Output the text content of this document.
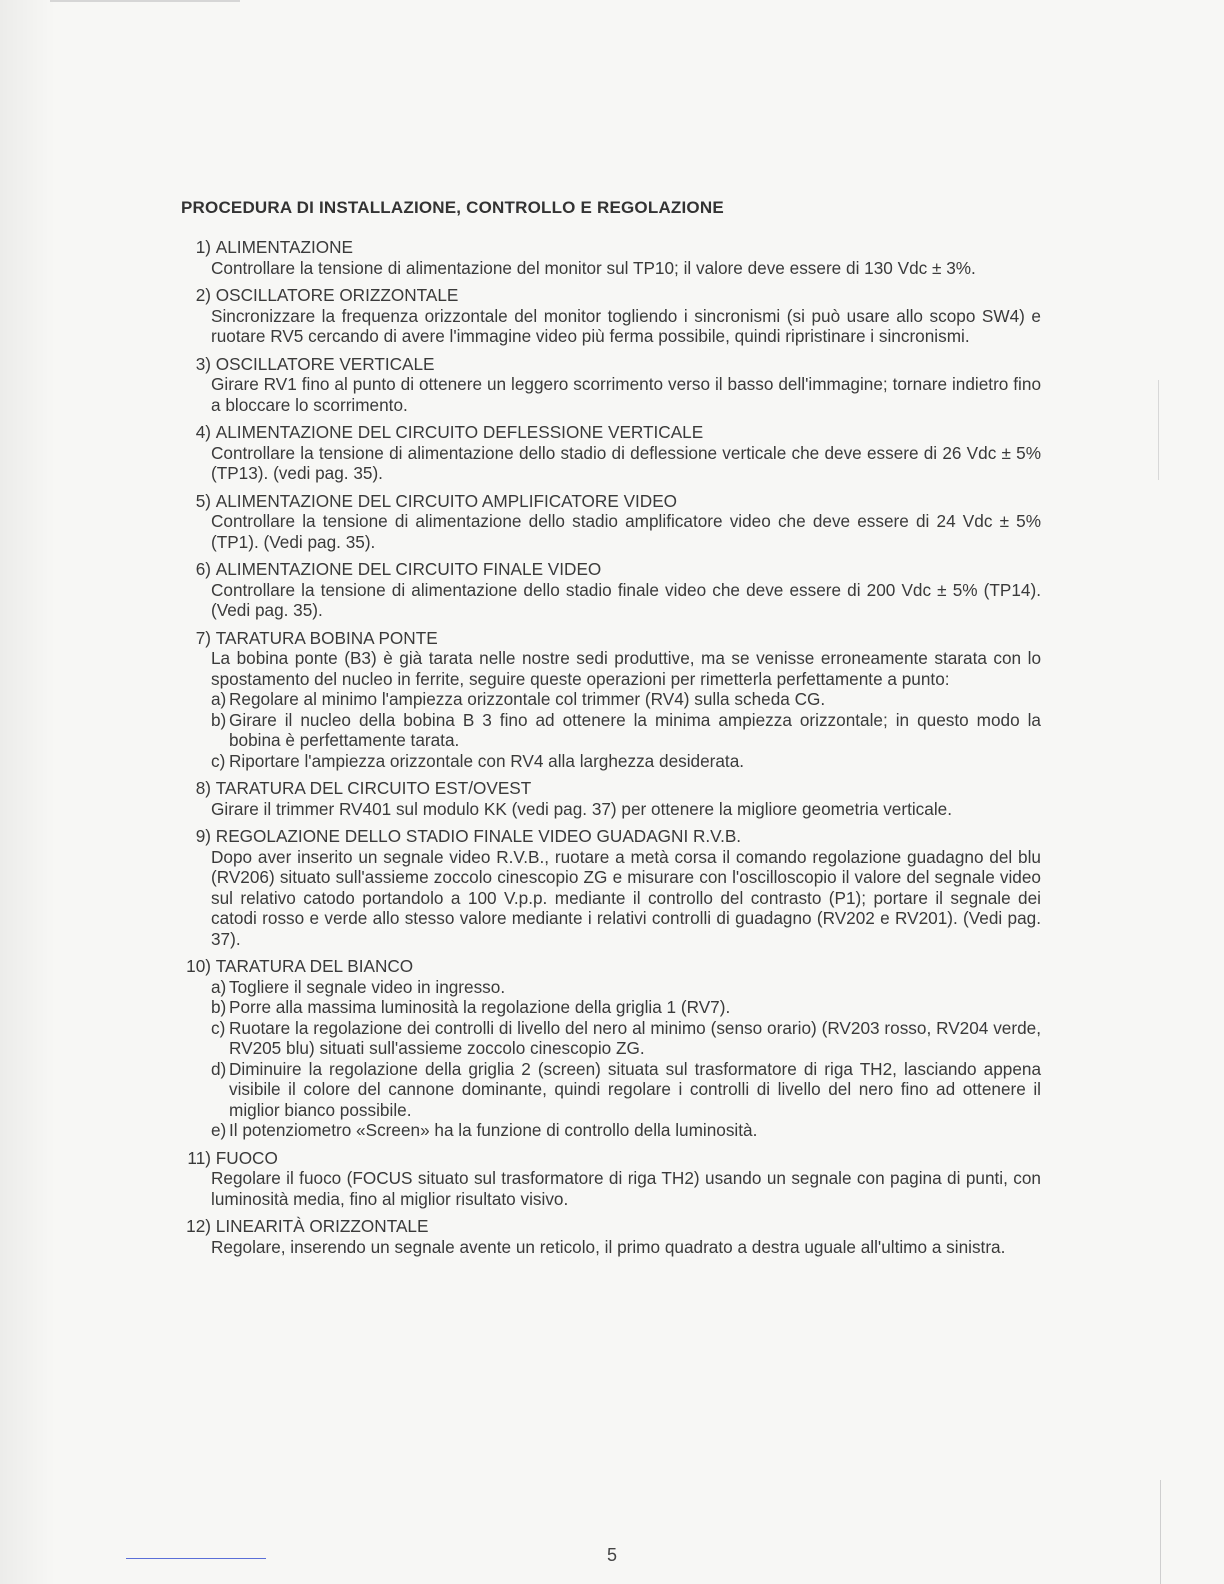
PROCEDURA DI INSTALLAZIONE, CONTROLLO E REGOLAZIONE
1)
ALIMENTAZIONE
Controllare la tensione di alimentazione del monitor sul TP10; il valore deve essere di 130 Vdc ± 3%.
2)
OSCILLATORE ORIZZONTALE
Sincronizzare la frequenza orizzontale del monitor togliendo i sincronismi (si può usare allo scopo SW4) e ruotare RV5 cercando di avere l'immagine video più ferma possibile, quindi ripristinare i sincronismi.
3)
OSCILLATORE VERTICALE
Girare RV1 fino al punto di ottenere un leggero scorrimento verso il basso dell'immagine; tornare indietro fino a bloccare lo scorrimento.
4)
ALIMENTAZIONE DEL CIRCUITO DEFLESSIONE VERTICALE
Controllare la tensione di alimentazione dello stadio di deflessione verticale che deve essere di 26 Vdc ± 5% (TP13). (vedi pag. 35).
5)
ALIMENTAZIONE DEL CIRCUITO AMPLIFICATORE VIDEO
Controllare la tensione di alimentazione dello stadio amplificatore video che deve essere di 24 Vdc ± 5% (TP1). (Vedi pag. 35).
6)
ALIMENTAZIONE DEL CIRCUITO FINALE VIDEO
Controllare la tensione di alimentazione dello stadio finale video che deve essere di 200 Vdc ± 5% (TP14). (Vedi pag. 35).
7)
TARATURA BOBINA PONTE
La bobina ponte (B3) è già tarata nelle nostre sedi produttive, ma se venisse erroneamente starata con lo spostamento del nucleo in ferrite, seguire queste operazioni per rimetterla perfettamente a punto:
a) Regolare al minimo l'ampiezza orizzontale col trimmer (RV4) sulla scheda CG.
b) Girare il nucleo della bobina B 3 fino ad ottenere la minima ampiezza orizzontale; in questo modo la bobina è perfettamente tarata.
c) Riportare l'ampiezza orizzontale con RV4 alla larghezza desiderata.
8)
TARATURA DEL CIRCUITO EST/OVEST
Girare il trimmer RV401 sul modulo KK (vedi pag. 37) per ottenere la migliore geometria verticale.
9)
REGOLAZIONE DELLO STADIO FINALE VIDEO GUADAGNI R.V.B.
Dopo aver inserito un segnale video R.V.B., ruotare a metà corsa il comando regolazione guadagno del blu (RV206) situato sull'assieme zoccolo cinescopio ZG e misurare con l'oscilloscopio il valore del segnale video sul relativo catodo portandolo a 100 V.p.p. mediante il controllo del contrasto (P1); portare il segnale dei catodi rosso e verde allo stesso valore mediante i relativi controlli di guadagno (RV202 e RV201). (Vedi pag. 37).
10)
TARATURA DEL BIANCO
a) Togliere il segnale video in ingresso.
b) Porre alla massima luminosità la regolazione della griglia 1 (RV7).
c) Ruotare la regolazione dei controlli di livello del nero al minimo (senso orario) (RV203 rosso, RV204 verde, RV205 blu) situati sull'assieme zoccolo cinescopio ZG.
d) Diminuire la regolazione della griglia 2 (screen) situata sul trasformatore di riga TH2, lasciando appena visibile il colore del cannone dominante, quindi regolare i controlli di livello del nero fino ad ottenere il miglior bianco possibile.
e) Il potenziometro «Screen» ha la funzione di controllo della luminosità.
11)
FUOCO
Regolare il fuoco (FOCUS situato sul trasformatore di riga TH2) usando un segnale con pagina di punti, con luminosità media, fino al miglior risultato visivo.
12)
LINEARITÀ ORIZZONTALE
Regolare, inserendo un segnale avente un reticolo, il primo quadrato a destra uguale all'ultimo a sinistra.
5
